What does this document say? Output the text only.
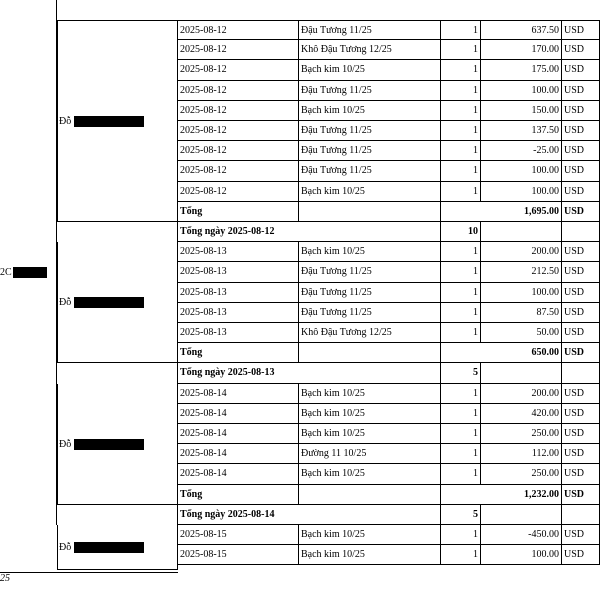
2025-08-12	Đậu Tương 11/25	1	637.50 USD
2025-08-12	Khô Đậu Tương 12/25	1	170.00 USD
2025-08-12	Bạch kim 10/25	1	175.00 USD
2025-08-12	Đậu Tương 11/25	1	100.00 USD
2025-08-12	Bạch kim 10/25	1	150.00 USD
2025-08-12	Đậu Tương 11/25	1	137.50 USD
2025-08-12	Đậu Tương 11/25	1	-25.00 USD
2025-08-12	Đậu Tương 11/25	1	100.00 USD
2025-08-12	Bạch kim 10/25	1	100.00 USD
Tổng	1,695.00 USD
Đỗ
Tổng ngày 2025-08-12	10
2025-08-13	Bạch kim 10/25	1	200.00 USD
2025-08-13	Đậu Tương 11/25	1	212.50 USD
2025-08-13	Đậu Tương 11/25	1	100.00 USD
2025-08-13	Đậu Tương 11/25	1	87.50 USD
2025-08-13	Khô Đậu Tương 12/25	1	50.00 USD
Tổng	650.00 USD
Đỗ
Tổng ngày 2025-08-13	5
2025-08-14	Bạch kim 10/25	1	200.00 USD
2025-08-14	Bạch kim 10/25	1	420.00 USD
2025-08-14	Bạch kim 10/25	1	250.00 USD
2025-08-14	Đường 11 10/25	1	112.00 USD
2025-08-14	Bạch kim 10/25	1	250.00 USD
Tổng	1,232.00 USD
Đỗ
Tổng ngày 2025-08-14	5
2025-08-15	Bạch kim 10/25	1	-450.00 USD
2025-08-15	Bạch kim 10/25	1	100.00 USD
Đỗ
2C
25
